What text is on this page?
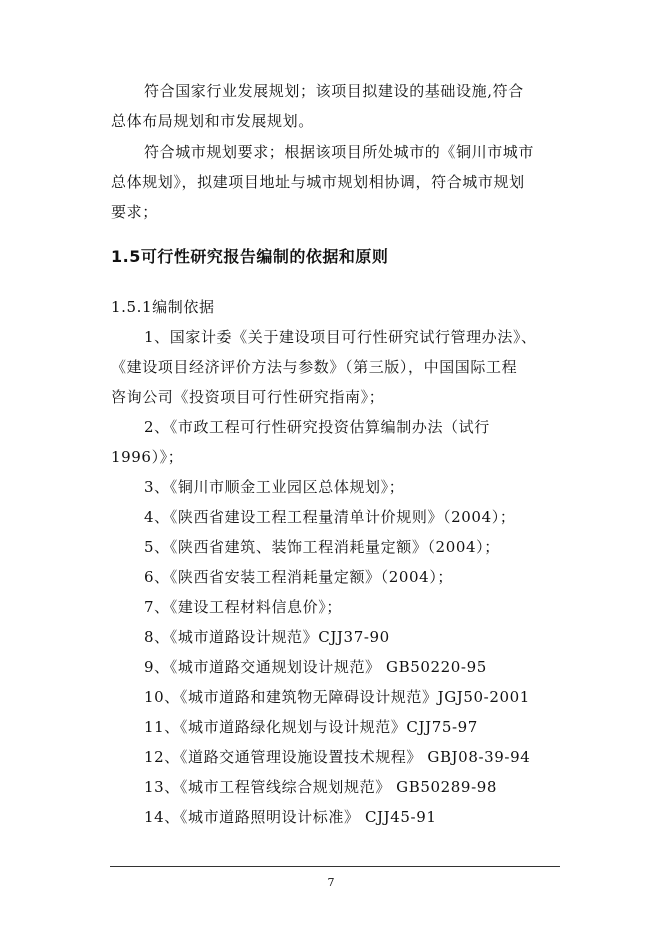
符合国家行业发展规划；该项目拟建设的基础设施,符合
总体布局规划和市发展规划。
符合城市规划要求；根据该项目所处城市的《铜川市城市
总体规划》，拟建项目地址与城市规划相协调，符合城市规划
要求；
1.5可行性研究报告编制的依据和原则
1.5.1编制依据
1、国家计委《关于建设项目可行性研究试行管理办法》、
《建设项目经济评价方法与参数》（第三版），中国国际工程
咨询公司《投资项目可行性研究指南》；
2、《市政工程可行性研究投资估算编制办法（试行
1996）》；
3、《铜川市顺金工业园区总体规划》；
4、《陕西省建设工程工程量清单计价规则》（2004）；
5、《陕西省建筑、装饰工程消耗量定额》（2004）；
6、《陕西省安装工程消耗量定额》（2004）；
7、《建设工程材料信息价》；
8、《城市道路设计规范》CJJ37-90
9、《城市道路交通规划设计规范》 GB50220-95
10、《城市道路和建筑物无障碍设计规范》JGJ50-2001
11、《城市道路绿化规划与设计规范》CJJ75-97
12、《道路交通管理设施设置技术规程》 GBJ08-39-94
13、《城市工程管线综合规划规范》 GB50289-98
14、《城市道路照明设计标准》 CJJ45-91
7
